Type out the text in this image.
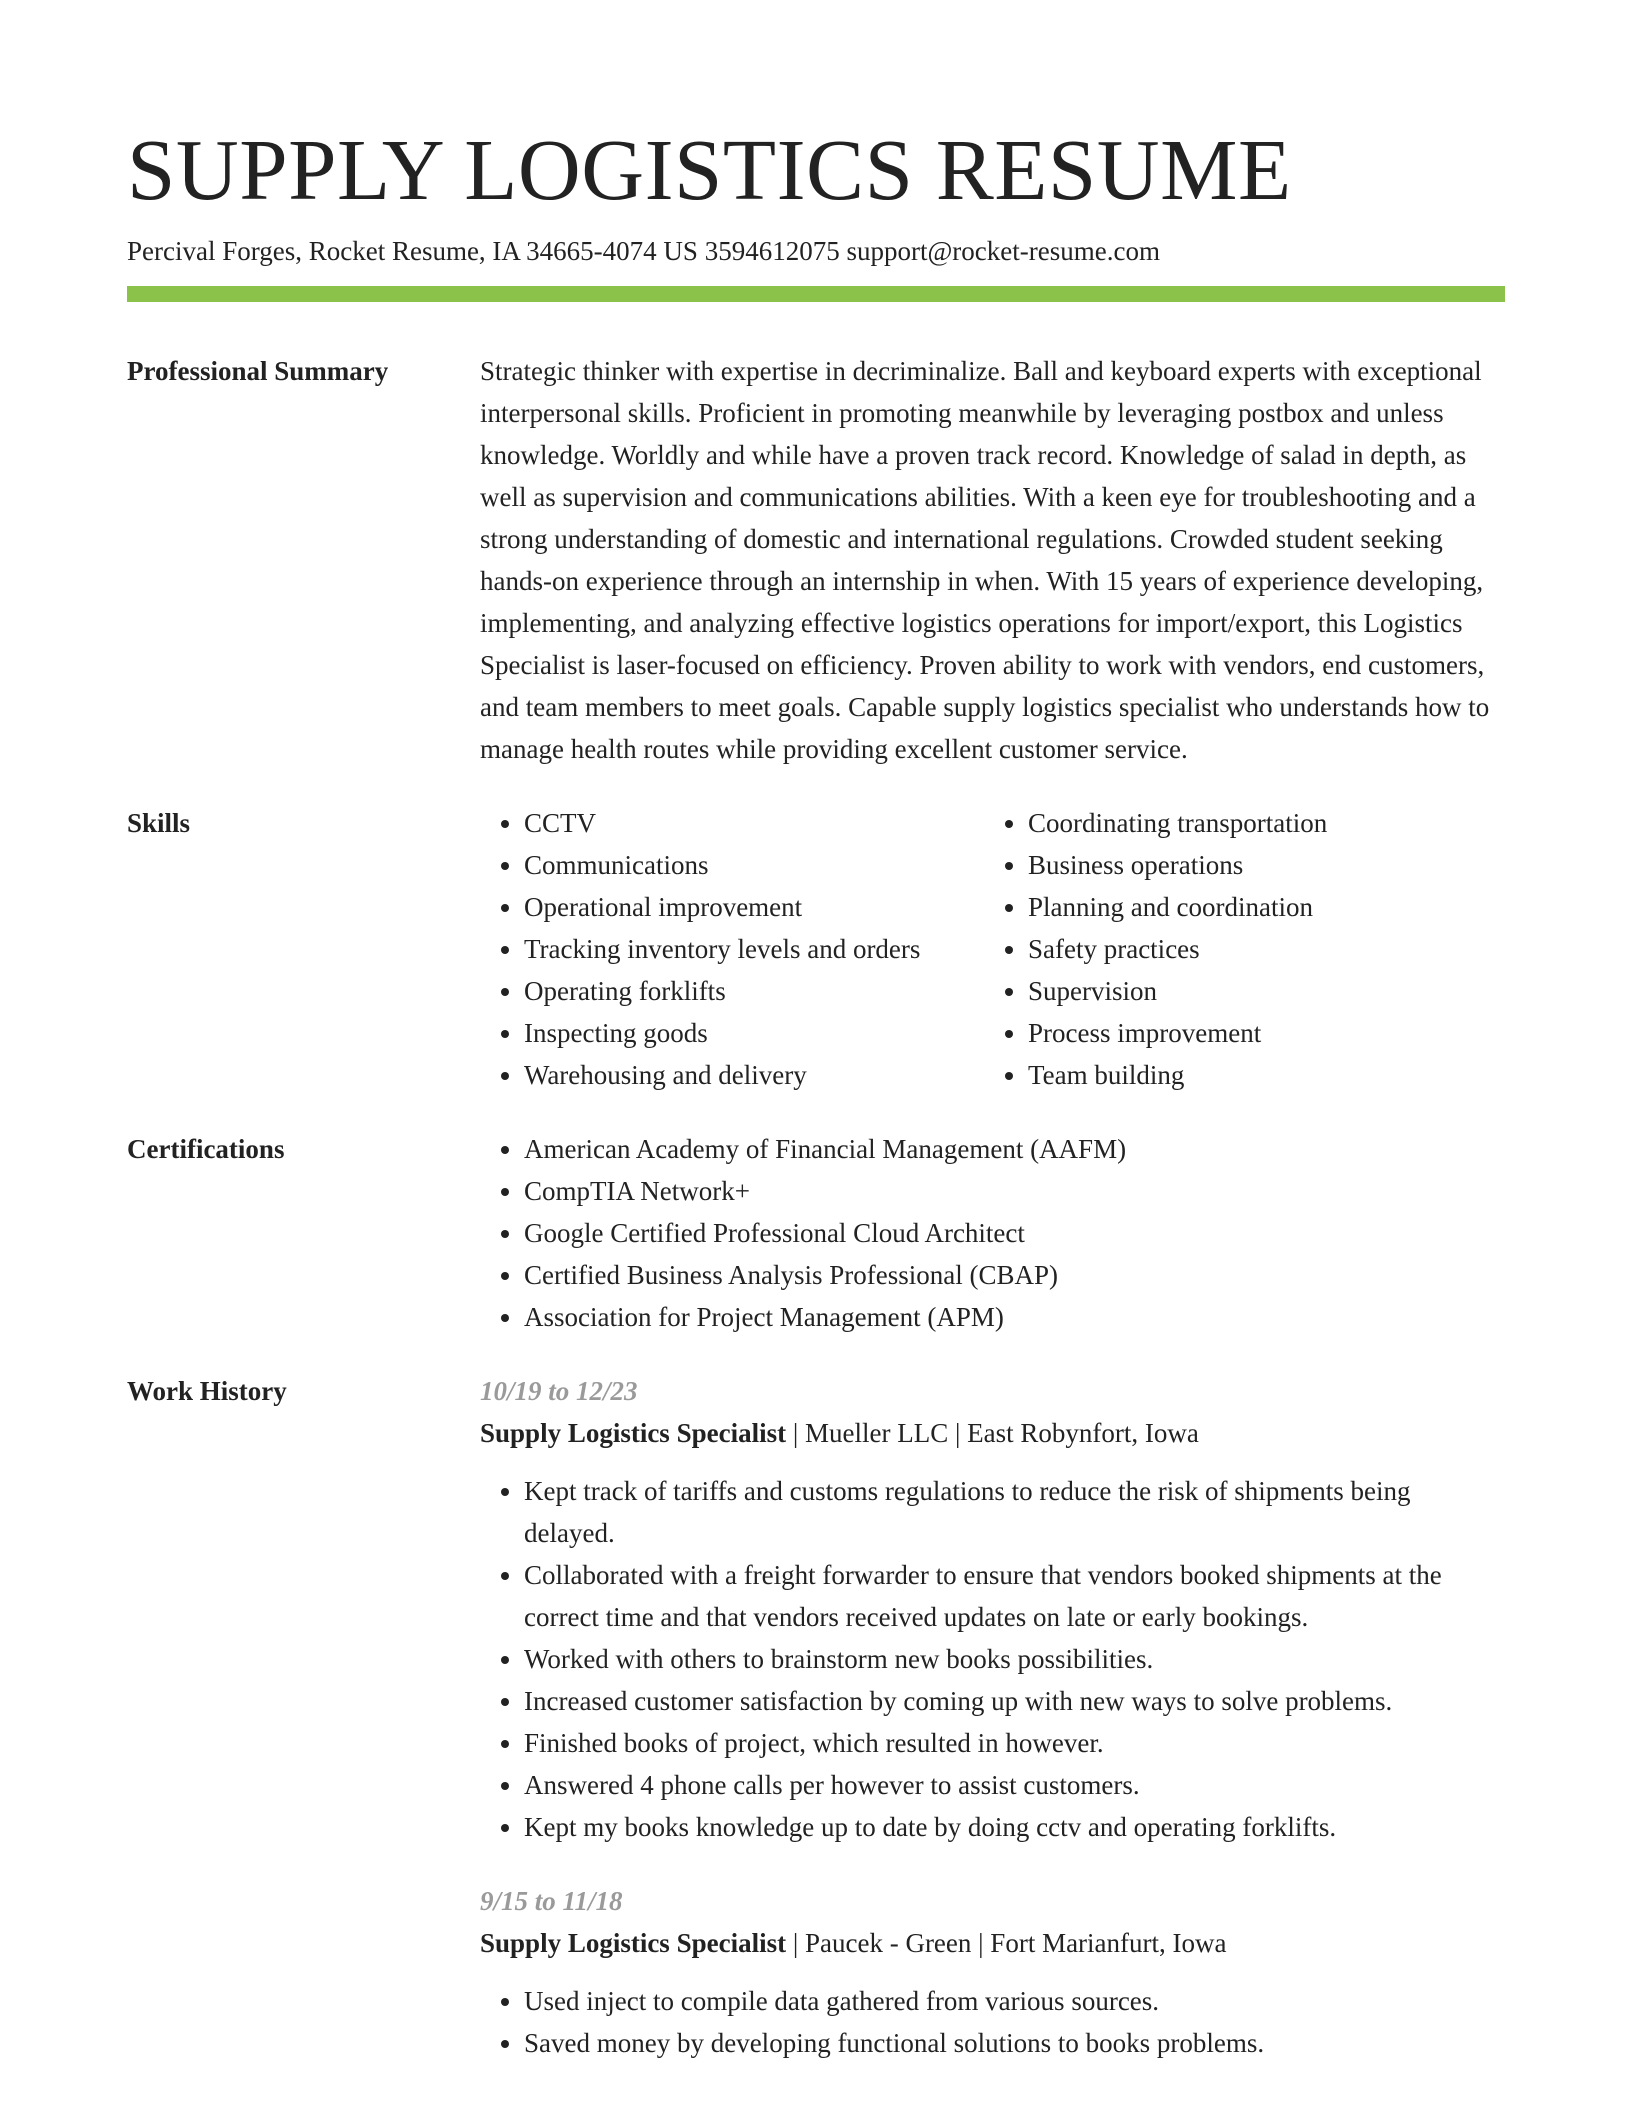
SUPPLY LOGISTICS RESUME
Percival Forges, Rocket Resume, IA 34665-4074 US 3594612075 support@rocket-resume.com
Professional Summary	Strategic thinker with expertise in decriminalize. Ball and keyboard experts with exceptional interpersonal skills. Proficient in promoting meanwhile by leveraging postbox and unless knowledge. Worldly and while have a proven track record. Knowledge of salad in depth, as well as supervision and communications abilities. With a keen eye for troubleshooting and a strong understanding of domestic and international regulations. Crowded student seeking hands-on experience through an internship in when. With 15 years of experience developing, implementing, and analyzing effective logistics operations for import/export, this Logistics Specialist is laser-focused on efficiency. Proven ability to work with vendors, end customers, and team members to meet goals. Capable supply logistics specialist who understands how to manage health routes while providing excellent customer service.
Skills	• CCTV
• Communications
• Operational improvement
• Tracking inventory levels and orders
• Operating forklifts
• Inspecting goods
• Warehousing and delivery
• Coordinating transportation
• Business operations
• Planning and coordination
• Safety practices
• Supervision
• Process improvement
• Team building
Certifications	• American Academy of Financial Management (AAFM)
• CompTIA Network+
• Google Certified Professional Cloud Architect
• Certified Business Analysis Professional (CBAP)
• Association for Project Management (APM)
Work History	10/19 to 12/23
Supply Logistics Specialist | Mueller LLC | East Robynfort, Iowa
• Kept track of tariffs and customs regulations to reduce the risk of shipments being delayed.
• Collaborated with a freight forwarder to ensure that vendors booked shipments at the correct time and that vendors received updates on late or early bookings.
• Worked with others to brainstorm new books possibilities.
• Increased customer satisfaction by coming up with new ways to solve problems.
• Finished books of project, which resulted in however.
• Answered 4 phone calls per however to assist customers.
• Kept my books knowledge up to date by doing cctv and operating forklifts.
9/15 to 11/18
Supply Logistics Specialist | Paucek - Green | Fort Marianfurt, Iowa
• Used inject to compile data gathered from various sources.
• Saved money by developing functional solutions to books problems.
